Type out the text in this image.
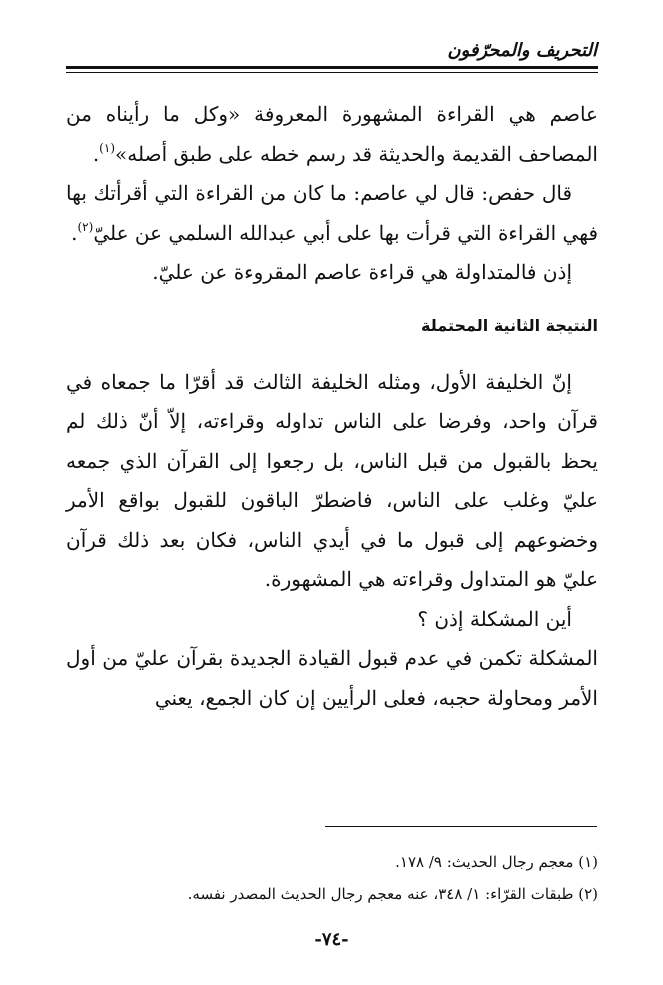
التحريف والمحرّفون

عاصم هي القراءة المشهورة المعروفة «وكل ما رأيناه من المصاحف القديمة والحديثة قد رسم خطه على طبق أصله»$^{(١)}$.

قال حفص: قال لي عاصم: ما كان من القراءة التي أقرأتك بها فهي القراءة التي قرأت بها على أبي عبدالله السلمي عن عليّ$^{(٢)}$.

إذن فالمتداولة هي قراءة عاصم المقروءة عن عليّ.

النتيجة الثانية المحتملة

إنّ الخليفة الأول، ومثله الخليفة الثالث قد أقرّا ما جمعاه في قرآن واحد، وفرضا على الناس تداوله وقراءته، إلاّ أنّ ذلك لم يحظ بالقبول من قبل الناس، بل رجعوا إلى القرآن الذي جمعه عليّ وغلب على الناس، فاضطرّ الباقون للقبول بواقع الأمر وخضوعهم إلى قبول ما في أيدي الناس، فكان بعد ذلك قرآن عليّ هو المتداول وقراءته هي المشهورة.

أين المشكلة إذن ؟

المشكلة تكمن في عدم قبول القيادة الجديدة بقرآن عليّ من أول الأمر ومحاولة حجبه، فعلى الرأيين إن كان الجمع، يعني

(١) معجم رجال الحديث: ٩/ ١٧٨.

(٢) طبقات القرّاء: ١/ ٣٤٨، عنه معجم رجال الحديث المصدر نفسه.

-٧٤-
